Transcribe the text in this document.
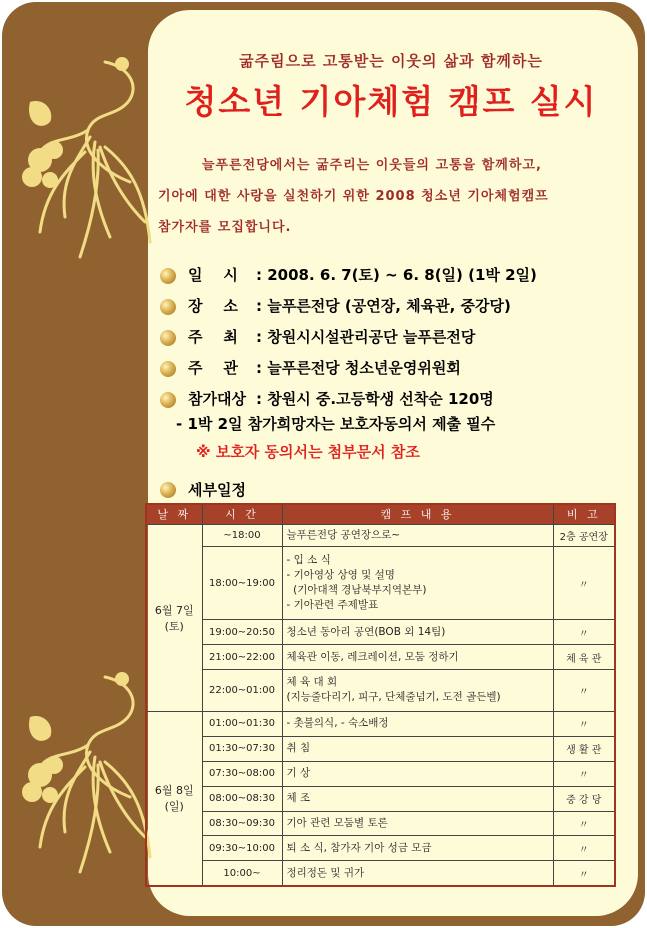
굶주림으로 고통받는 이웃의 삶과 함께하는
청소년 기아체험 캠프 실시
늘푸른전당에서는 굶주리는 이웃들의 고통을 함께하고,
기아에 대한 사랑을 실천하기 위한 2008 청소년 기아체험캠프
참가자를 모집합니다.
일    시 : 2008. 6. 7(토) ~ 6. 8(일) (1박 2일)
장    소 : 늘푸른전당 (공연장, 체육관, 중강당)
주    최 : 창원시시설관리공단 늘푸른전당
주    관 : 늘푸른전당 청소년운영위원회
참가대상 : 창원시 중.고등학생 선착순 120명
- 1박 2일 참가희망자는 보호자동의서 제출 필수
※ 보호자 동의서는 첨부문서 참조
세부일정
날 짜	시 간	캠 프 내 용	비 고
6월 7일
(토)	~18:00	늘푸른전당 공연장으로~	2층 공연장
	18:00~19:00	- 입 소 식
- 기아영상 상영 및 설명
(기아대책 경남북부지역본부)
- 기아관련 주제발표	〃
	19:00~20:50	청소년 동아리 공연(BOB 외 14팀)	〃
	21:00~22:00	체육관 이동, 레크레이션, 모둠 정하기	체 육 관
	22:00~01:00	체 육 대 회
(지능줄다리기, 피구, 단체줄넘기, 도전 골든벨)	〃
6월 8일
(일)	01:00~01:30	- 촛불의식, - 숙소배정	〃
	01:30~07:30	취 침	생 활 관
	07:30~08:00	기 상	〃
	08:00~08:30	체 조	중 강 당
	08:30~09:30	기아 관련 모둠별 토론	〃
	09:30~10:00	퇴 소 식, 참가자 기아 성금 모금	〃
	10:00~	정리정돈 및 귀가	〃
